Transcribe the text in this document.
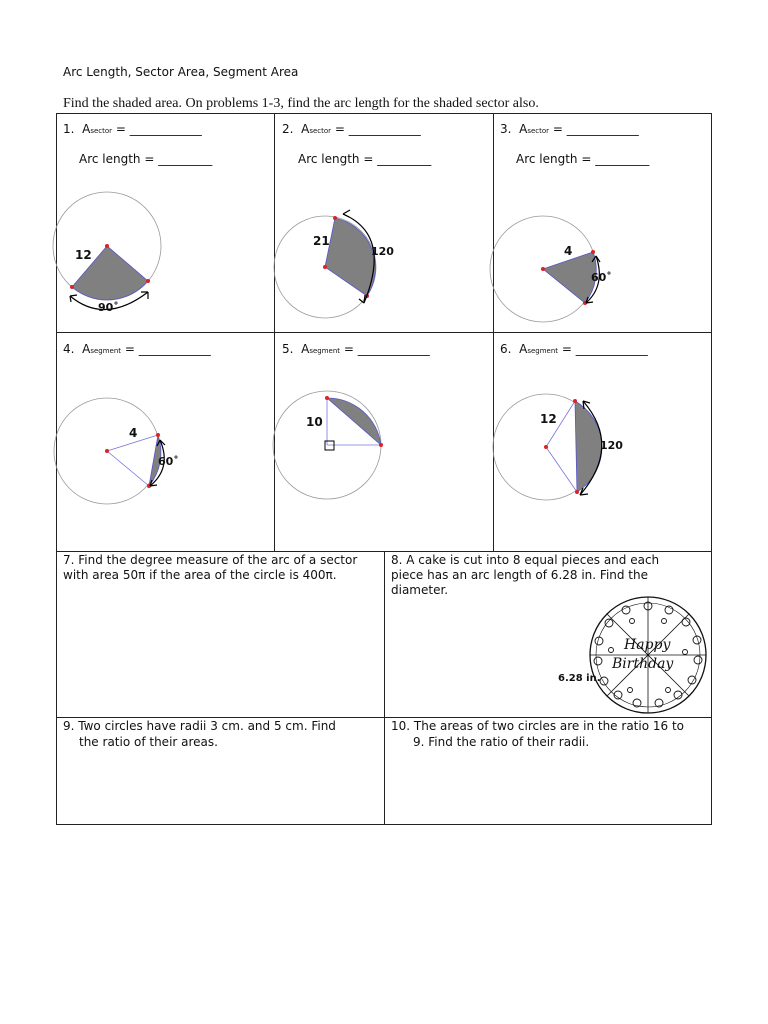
Arc Length, Sector Area, Segment Area
Find the shaded area. On problems 1-3, find the arc length for the shaded sector also.
1. Asector = ____________
Arc length = _________
2. Asector = ____________
Arc length = _________
3. Asector = ____________
Arc length = _________
4. Asegment = ____________	5. Asegment = ____________	6. Asegment = ____________
12
90˚
21
120	4
60˚
4
60˚
10	12
120
7. Find the degree measure of the arc of a sector with area 50π if the area of the circle is 400π.
8. A cake is cut into 8 equal pieces and each piece has an arc length of 6.28 in. Find the diameter.
9. Two circles have radii 3 cm. and 5 cm. Find
the ratio of their areas.
10. The areas of two circles are in the ratio 16 to
9. Find the ratio of their radii.
Happy
Birthday
6.28 in.
